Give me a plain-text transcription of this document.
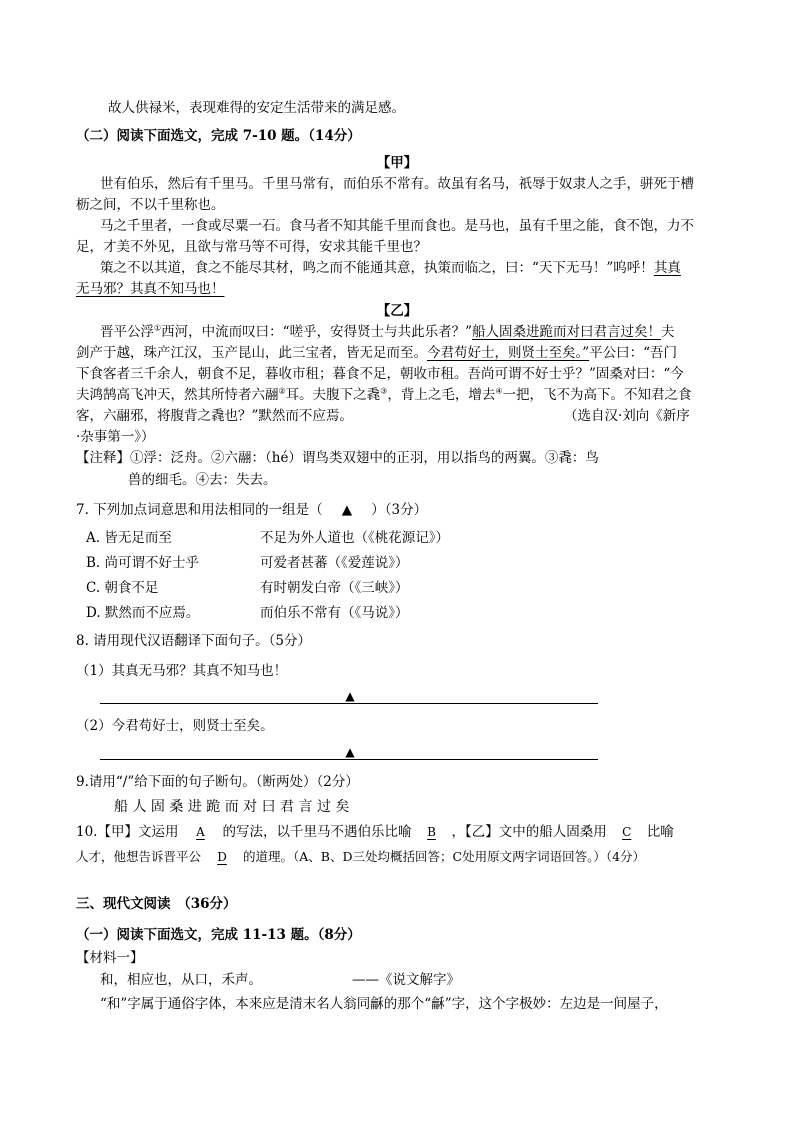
故人供禄米，表现难得的安定生活带来的满足感。
（二）阅读下面选文，完成 7-10 题。（14分）
【甲】
世有伯乐，然后有千里马。千里马常有，而伯乐不常有。故虽有名马，祇辱于奴隶人之手，骈死于槽
枥之间，不以千里称也。
马之千里者，一食或尽粟一石。食马者不知其能千里而食也。是马也，虽有千里之能，食不饱，力不
足，才美不外见，且欲与常马等不可得，安求其能千里也？
策之不以其道，食之不能尽其材，鸣之而不能通其意，执策而临之，曰：“天下无马！”呜呼！其真
无马邪？其真不知马也！
【乙】
晋平公浮①西河，中流而叹曰：“嗟乎，安得贤士与共此乐者？”船人固桑进跪而对曰君言过矣！夫
剑产于越，珠产江汉，玉产昆山，此三宝者，皆无足而至。今君苟好士，则贤士至矣。”平公曰：“吾门
下食客者三千余人，朝食不足，暮收市租；暮食不足，朝收市租。吾尚可谓不好士乎？”固桑对曰：“今
夫鸿鹄高飞冲天，然其所恃者六翮②耳。夫腹下之毳③，背上之毛，增去④一把，飞不为高下。不知君之食
客，六翮邪，将腹背之毳也？”默然而不应焉。	（选自汉·刘向《新序
·杂事第一》）
【注释】①浮：泛舟。②六翮：（hé）谓鸟类双翅中的正羽，用以指鸟的两翼。③毳：鸟
兽的细毛。④去：失去。
7. 下列加点词意思和用法相同的一组是（ ▲ ）（3分）
A. 皆无足而至	不足为外人道也（《桃花源记》）
B. 尚可谓不好士乎	可爱者甚蕃（《爱莲说》）
C. 朝食不足	有时朝发白帝（《三峡》）
D. 默然而不应焉。	而伯乐不常有（《马说》）
8. 请用现代汉语翻译下面句子。（5分）
（1）其真无马邪？其真不知马也！
▲
（2）今君苟好士，则贤士至矣。
▲
9.请用“/”给下面的句子断句。（断两处）（2分）
船 人 固 桑 进 跪 而 对 曰 君 言 过 矣
10.【甲】文运用 A 的写法，以千里马不遇伯乐比喻 B ，【乙】文中的船人固桑用 C 比喻
人才，他想告诉晋平公 D 的道理。（A、B、D三处均概括回答；C处用原文两字词语回答。）（4分）
三、现代文阅读　（36分）
（一）阅读下面选文，完成 11-13 题。（8分）
【材料一】
和，相应也，从口，禾声。	——《说文解字》
“和”字属于通俗字体，本来应是清末名人翁同龢的那个“龢”字，这个字极妙：左边是一间屋子，
